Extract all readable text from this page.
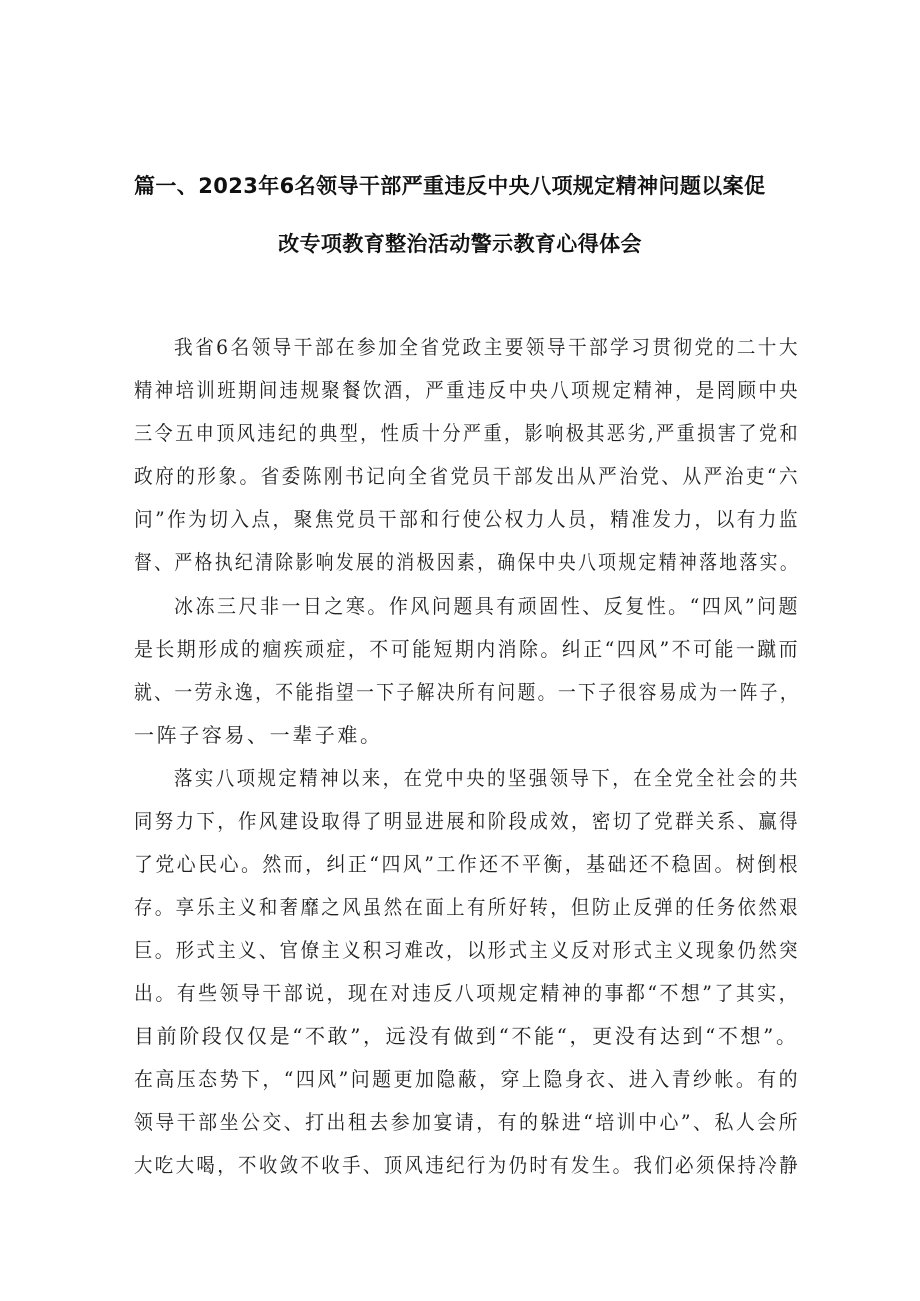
篇一、2023年6名领导干部严重违反中央八项规定精神问题以案促
改专项教育整治活动警示教育心得体会
我省6名领导干部在参加全省党政主要领导干部学习贯彻党的二十大
精神培训班期间违规聚餐饮酒，严重违反中央八项规定精神，是罔顾中央
三令五申顶风违纪的典型，性质十分严重，影响极其恶劣,严重损害了党和
政府的形象。省委陈刚书记向全省党员干部发出从严治党、从严治吏“六
问”作为切入点，聚焦党员干部和行使公权力人员，精准发力，以有力监
督、严格执纪清除影响发展的消极因素，确保中央八项规定精神落地落实。
冰冻三尺非一日之寒。作风问题具有顽固性、反复性。“四风”问题
是长期形成的痼疾顽症，不可能短期内消除。纠正“四风”不可能一蹴而
就、一劳永逸，不能指望一下子解决所有问题。一下子很容易成为一阵子，
一阵子容易、一辈子难。
落实八项规定精神以来，在党中央的坚强领导下，在全党全社会的共
同努力下，作风建设取得了明显进展和阶段成效，密切了党群关系、赢得
了党心民心。然而，纠正“四风”工作还不平衡，基础还不稳固。树倒根
存。享乐主义和奢靡之风虽然在面上有所好转，但防止反弹的任务依然艰
巨。形式主义、官僚主义积习难改，以形式主义反对形式主义现象仍然突
出。有些领导干部说，现在对违反八项规定精神的事都“不想”了其实，
目前阶段仅仅是“不敢”，远没有做到“不能“，更没有达到“不想”。
在高压态势下，“四风”问题更加隐蔽，穿上隐身衣、进入青纱帐。有的
领导干部坐公交、打出租去参加宴请，有的躲进“培训中心”、私人会所
大吃大喝，不收敛不收手、顶风违纪行为仍时有发生。我们必须保持冷静
